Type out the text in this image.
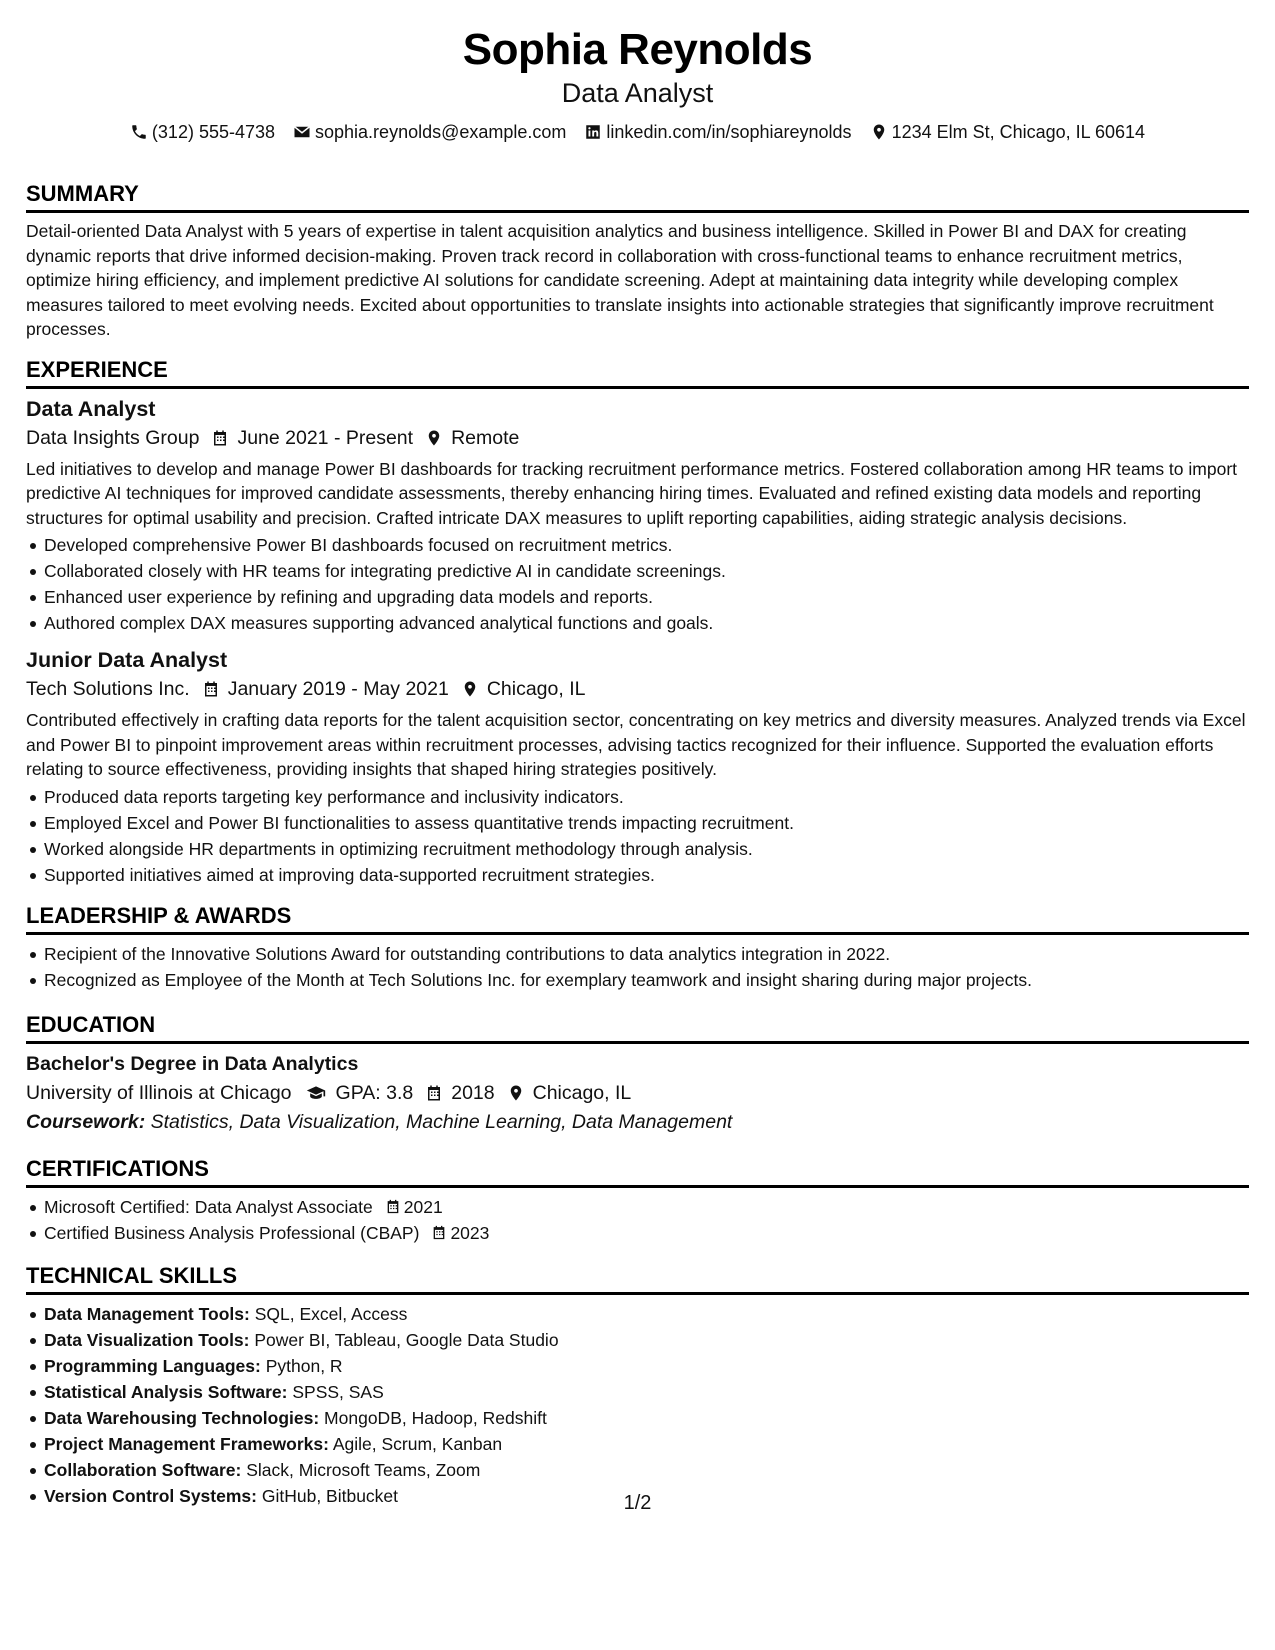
Sophia Reynolds
Data Analyst
(312) 555-4738 sophia.reynolds@example.com linkedin.com/in/sophiareynolds 1234 Elm St, Chicago, IL 60614
SUMMARY

Detail-oriented Data Analyst with 5 years of expertise in talent acquisition analytics and business intelligence. Skilled in Power BI and DAX for creating dynamic reports that drive informed decision-making. Proven track record in collaboration with cross-functional teams to enhance recruitment metrics, optimize hiring efficiency, and implement predictive AI solutions for candidate screening. Adept at maintaining data integrity while developing complex measures tailored to meet evolving needs. Excited about opportunities to translate insights into actionable strategies that significantly improve recruitment processes.

EXPERIENCE
Data Analyst
Data Insights Group June 2021 - Present Remote

Led initiatives to develop and manage Power BI dashboards for tracking recruitment performance metrics. Fostered collaboration among HR teams to import predictive AI techniques for improved candidate assessments, thereby enhancing hiring times. Evaluated and refined existing data models and reporting structures for optimal usability and precision. Crafted intricate DAX measures to uplift reporting capabilities, aiding strategic analysis decisions.

Developed comprehensive Power BI dashboards focused on recruitment metrics.
Collaborated closely with HR teams for integrating predictive AI in candidate screenings.
Enhanced user experience by refining and upgrading data models and reports.
Authored complex DAX measures supporting advanced analytical functions and goals.
Junior Data Analyst
Tech Solutions Inc. January 2019 - May 2021 Chicago, IL

Contributed effectively in crafting data reports for the talent acquisition sector, concentrating on key metrics and diversity measures. Analyzed trends via Excel and Power BI to pinpoint improvement areas within recruitment processes, advising tactics recognized for their influence. Supported the evaluation efforts relating to source effectiveness, providing insights that shaped hiring strategies positively.

Produced data reports targeting key performance and inclusivity indicators.
Employed Excel and Power BI functionalities to assess quantitative trends impacting recruitment.
Worked alongside HR departments in optimizing recruitment methodology through analysis.
Supported initiatives aimed at improving data-supported recruitment strategies.
LEADERSHIP & AWARDS
Recipient of the Innovative Solutions Award for outstanding contributions to data analytics integration in 2022.
Recognized as Employee of the Month at Tech Solutions Inc. for exemplary teamwork and insight sharing during major projects.
EDUCATION
Bachelor's Degree in Data Analytics
University of Illinois at Chicago GPA: 3.8 2018 Chicago, IL
Coursework: Statistics, Data Visualization, Machine Learning, Data Management
CERTIFICATIONS
Microsoft Certified: Data Analyst Associate 2021
Certified Business Analysis Professional (CBAP) 2023
TECHNICAL SKILLS
Data Management Tools: SQL, Excel, Access
Data Visualization Tools: Power BI, Tableau, Google Data Studio
Programming Languages: Python, R
Statistical Analysis Software: SPSS, SAS
Data Warehousing Technologies: MongoDB, Hadoop, Redshift
Project Management Frameworks: Agile, Scrum, Kanban
Collaboration Software: Slack, Microsoft Teams, Zoom
Version Control Systems: GitHub, Bitbucket	1/2
